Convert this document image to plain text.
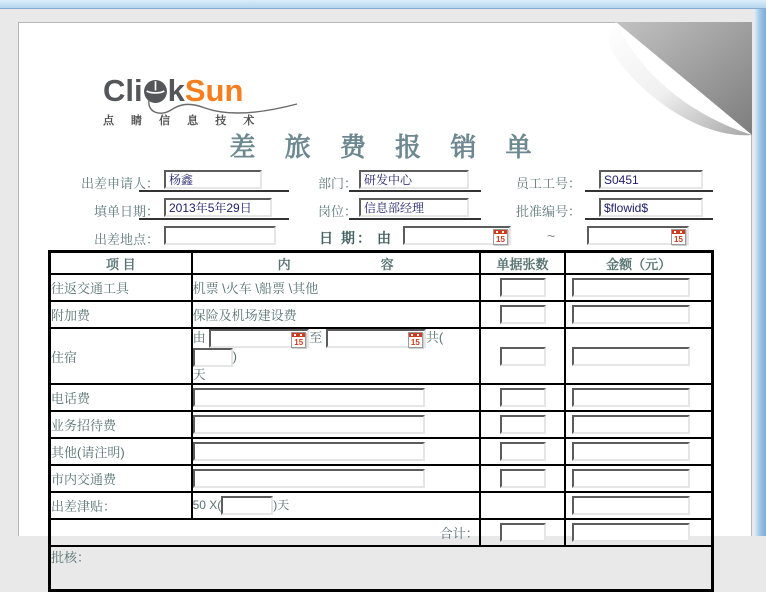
Cli k Sun
点 睛 信 息 技 术
差 旅 费 报 销 单
出差申请人：
杨鑫	部门：
研发中心	员工工号：
S0451
填单日期：
2013年5年29日	岗位：
信息部经理	批准编号：
$flowid$
出差地点：	日 期： 由	15	~	15
项 目	内 容	单据张数	金额（元）
往返交通工具	机票 \火车 \船票 \其他		
附加费	保险及机场建设费		
住宿	由	15 至	15 共()
天		
电话费			
业务招待费			
其他(请注明)			
市内交通费			
出差津贴：	50 X( )天		
合计：		
批核：			
